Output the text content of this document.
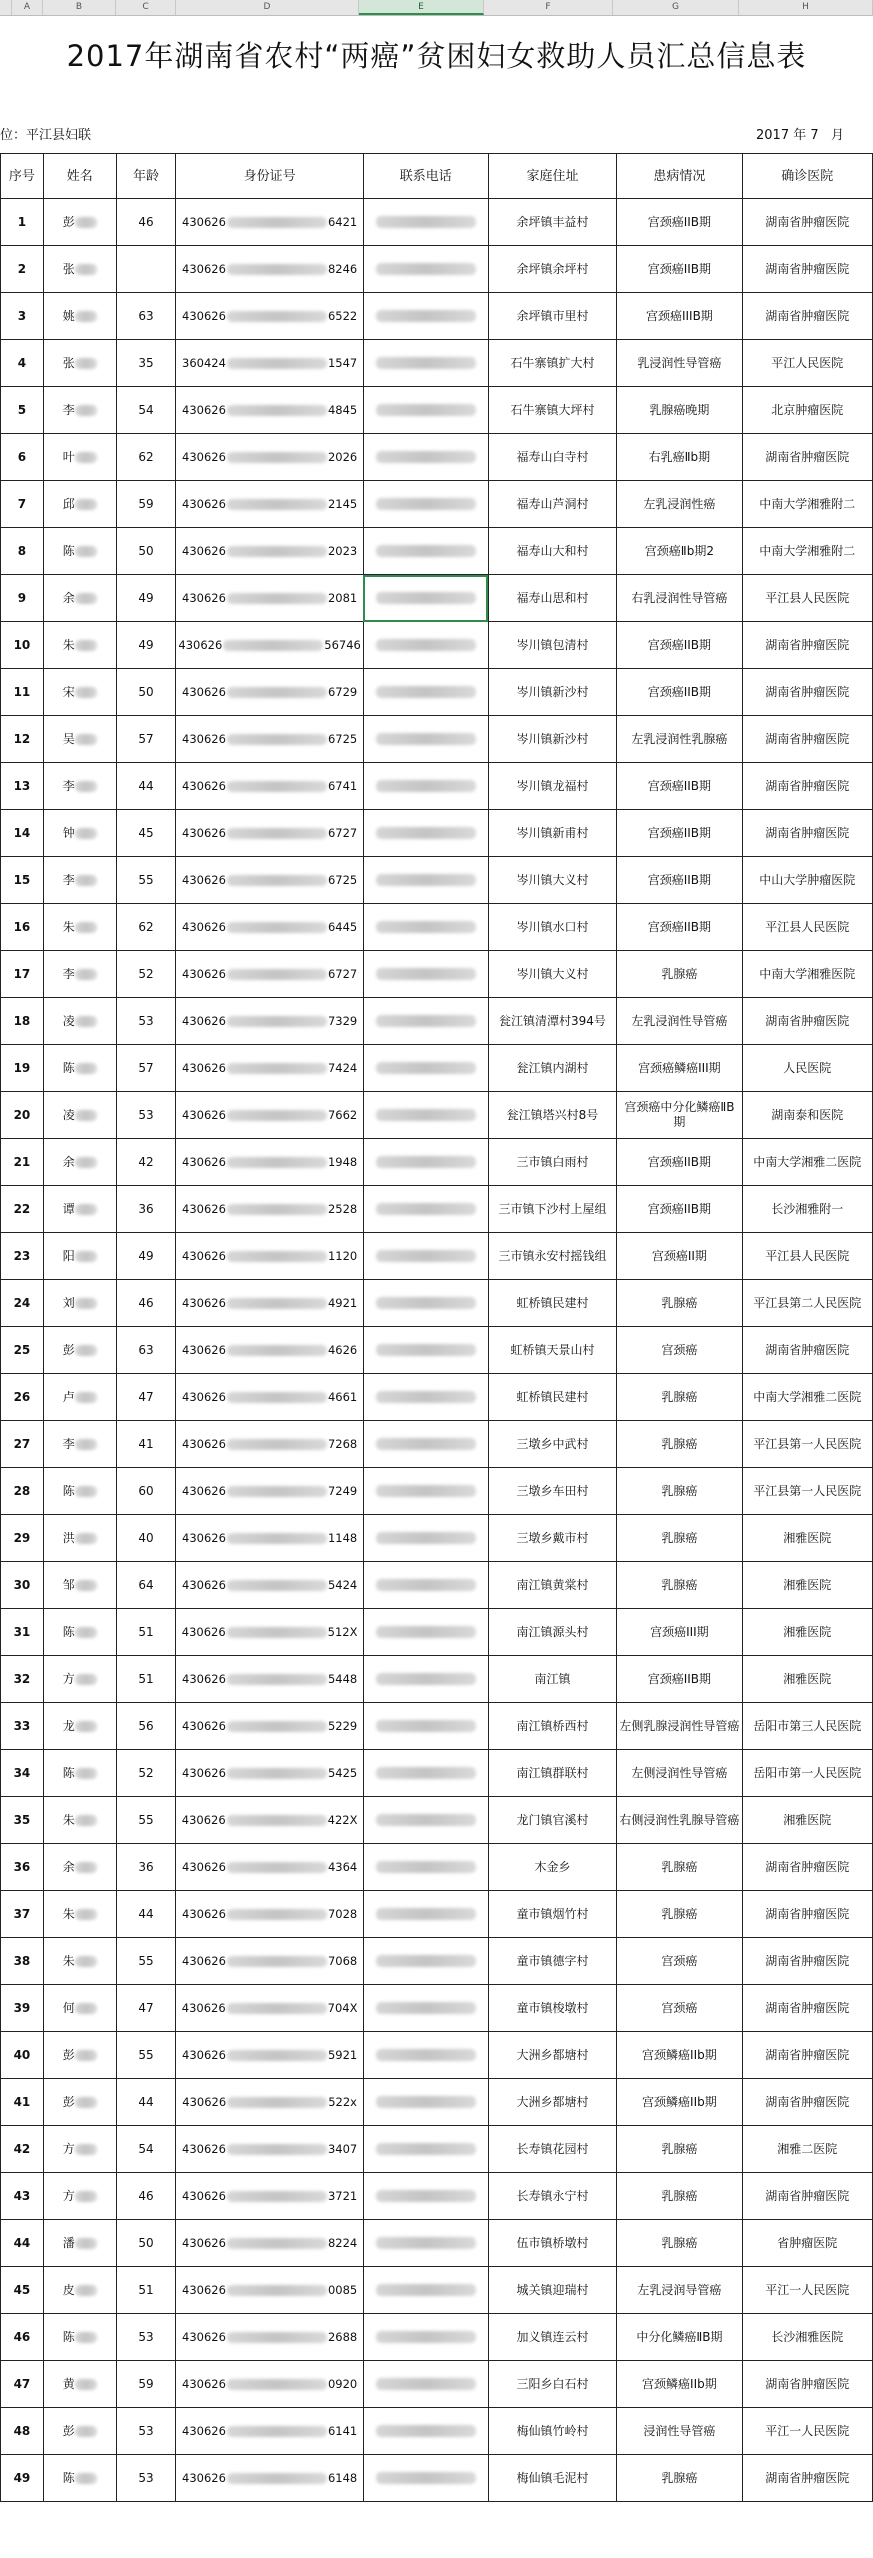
A	B	C	D	E	F	G	H
2017年湖南省农村“两癌”贫困妇女救助人员汇总信息表
位：平江县妇联	2017 年 7   月
序号	姓名	年龄	身份证号	联系电话	家庭住址	患病情况	确诊医院
1	彭	46	430626 6421		余坪镇丰益村	宫颈癌IIB期	湖南省肿瘤医院
2	张		430626 8246		余坪镇余坪村	宫颈癌IIB期	湖南省肿瘤医院
3	姚	63	430626 6522		余坪镇市里村	宫颈癌IIIB期	湖南省肿瘤医院
4	张	35	360424 1547		石牛寨镇扩大村	乳浸润性导管癌	平江人民医院
5	李	54	430626 4845		石牛寨镇大坪村	乳腺癌晚期	北京肿瘤医院
6	叶	62	430626 2026		福寿山白寺村	右乳癌Ⅱb期	湖南省肿瘤医院
7	邱	59	430626 2145		福寿山芦洞村	左乳浸润性癌	中南大学湘雅附二
8	陈	50	430626 2023		福寿山大和村	宫颈癌Ⅱb期2	中南大学湘雅附二
9	余	49	430626 2081		福寿山思和村	右乳浸润性导管癌	平江县人民医院
10	朱	49	430626 56746		岑川镇包清村	宫颈癌IIB期	湖南省肿瘤医院
11	宋	50	430626 6729		岑川镇新沙村	宫颈癌IIB期	湖南省肿瘤医院
12	吴	57	430626 6725		岑川镇新沙村	左乳浸润性乳腺癌	湖南省肿瘤医院
13	李	44	430626 6741		岑川镇龙福村	宫颈癌IIB期	湖南省肿瘤医院
14	钟	45	430626 6727		岑川镇新甫村	宫颈癌IIB期	湖南省肿瘤医院
15	李	55	430626 6725		岑川镇大义村	宫颈癌IIB期	中山大学肿瘤医院
16	朱	62	430626 6445		岑川镇水口村	宫颈癌IIB期	平江县人民医院
17	李	52	430626 6727		岑川镇大义村	乳腺癌	中南大学湘雅医院
18	凌	53	430626 7329		瓮江镇清潭村394号	左乳浸润性导管癌	湖南省肿瘤医院
19	陈	57	430626 7424		瓮江镇内湖村	宫颈癌鳞癌III期	人民医院
20	凌	53	430626 7662		瓮江镇塔兴村8号	宫颈癌中分化鳞癌ⅡB期	湖南泰和医院
21	余	42	430626 1948		三市镇白雨村	宫颈癌IIB期	中南大学湘雅二医院
22	谭	36	430626 2528		三市镇下沙村上屋组	宫颈癌IIB期	长沙湘雅附一
23	阳	49	430626 1120		三市镇永安村摇钱组	宫颈癌II期	平江县人民医院
24	刘	46	430626 4921		虹桥镇民建村	乳腺癌	平江县第二人民医院
25	彭	63	430626 4626		虹桥镇天景山村	宫颈癌	湖南省肿瘤医院
26	卢	47	430626 4661		虹桥镇民建村	乳腺癌	中南大学湘雅二医院
27	李	41	430626 7268		三墩乡中武村	乳腺癌	平江县第一人民医院
28	陈	60	430626 7249		三墩乡车田村	乳腺癌	平江县第一人民医院
29	洪	40	430626 1148		三墩乡戴市村	乳腺癌	湘雅医院
30	邹	64	430626 5424		南江镇黄棠村	乳腺癌	湘雅医院
31	陈	51	430626 512X		南江镇源头村	宫颈癌III期	湘雅医院
32	方	51	430626 5448		南江镇	宫颈癌IIB期	湘雅医院
33	龙	56	430626 5229		南江镇桥西村	左侧乳腺浸润性导管癌	岳阳市第三人民医院
34	陈	52	430626 5425		南江镇群联村	左侧浸润性导管癌	岳阳市第一人民医院
35	朱	55	430626 422X		龙门镇官溪村	右侧浸润性乳腺导管癌	湘雅医院
36	余	36	430626 4364		木金乡	乳腺癌	湖南省肿瘤医院
37	朱	44	430626 7028		童市镇烟竹村	乳腺癌	湖南省肿瘤医院
38	朱	55	430626 7068		童市镇德字村	宫颈癌	湖南省肿瘤医院
39	何	47	430626 704X		童市镇梭墩村	宫颈癌	湖南省肿瘤医院
40	彭	55	430626 5921		大洲乡都塘村	宫颈鳞癌IIb期	湖南省肿瘤医院
41	彭	44	430626 522x		大洲乡都塘村	宫颈鳞癌IIb期	湖南省肿瘤医院
42	方	54	430626 3407		长寿镇花园村	乳腺癌	湘雅二医院
43	方	46	430626 3721		长寿镇永宁村	乳腺癌	湖南省肿瘤医院
44	潘	50	430626 8224		伍市镇桥墩村	乳腺癌	省肿瘤医院
45	皮	51	430626 0085		城关镇迎瑞村	左乳浸润导管癌	平江一人民医院
46	陈	53	430626 2688		加义镇连云村	中分化鳞癌ⅡB期	长沙湘雅医院
47	黄	59	430626 0920		三阳乡白石村	宫颈鳞癌IIb期	湖南省肿瘤医院
48	彭	53	430626 6141		梅仙镇竹岭村	浸润性导管癌	平江一人民医院
49	陈	53	430626 6148		梅仙镇毛泥村	乳腺癌	湖南省肿瘤医院
